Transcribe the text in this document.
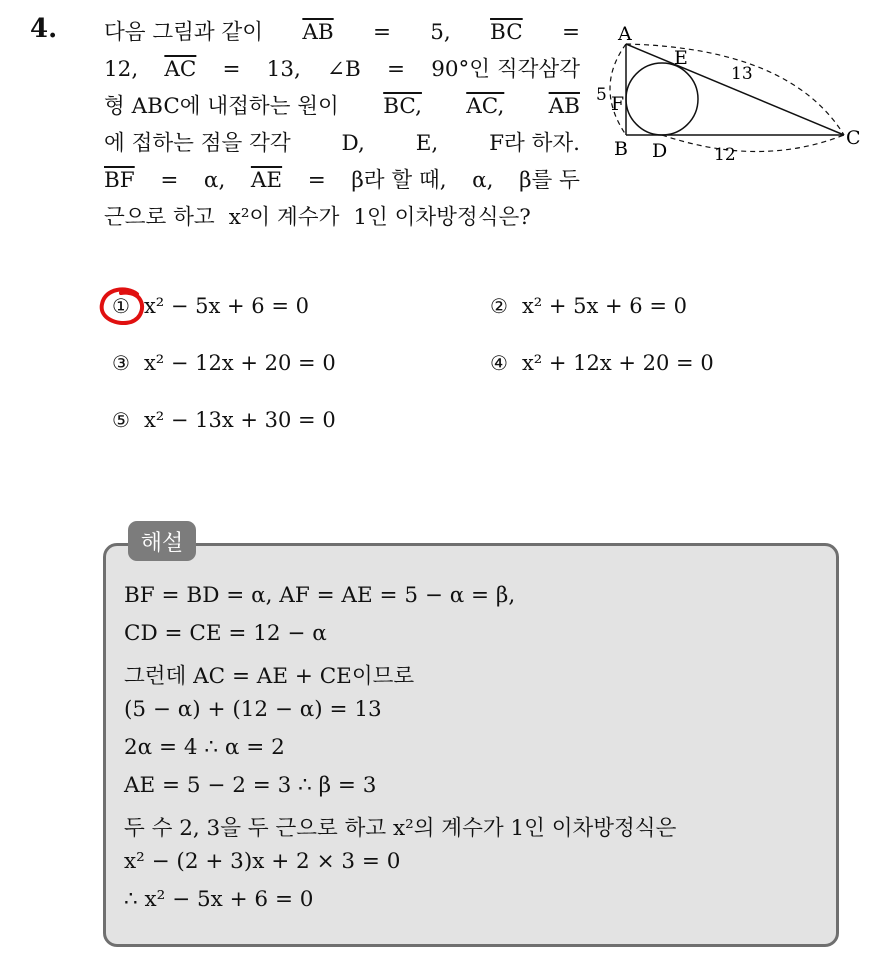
4. 다음 그림과 같이 $\overline{AB} = 5$, $\overline{BC}$ =
12, $\overline{AC} = 13$, ∠B = 90°인 직각삼각
형 ABC에 내접하는 원이 BC, AC, $\overline{AB}$
에 접하는 점을 각각 D, E, F라 하자.
$\overline{BF} = \alpha$, $\overline{AE} = \beta$라 할 때, α, β를 두
근으로 하고 x²이 계수가 1인 이차방정식은?
A
B	C
D
E
F
5
13
12
① x² − 5x + 6 = 0	② x² + 5x + 6 = 0
③ x² − 12x + 20 = 0	④ x² + 12x + 20 = 0
⑤ x² − 13x + 30 = 0
해설
BF = BD = α, AF = AE = 5 − α = β,
CD = CE = 12 − α
그런데 AC = AE + CE이므로
(5 − α) + (12 − α) = 13
2α = 4 ∴ α = 2
AE = 5 − 2 = 3 ∴ β = 3
두 수 2, 3을 두 근으로 하고 x²의 계수가 1인 이차방정식은
x² − (2 + 3)x + 2 × 3 = 0
∴ x² − 5x + 6 = 0
